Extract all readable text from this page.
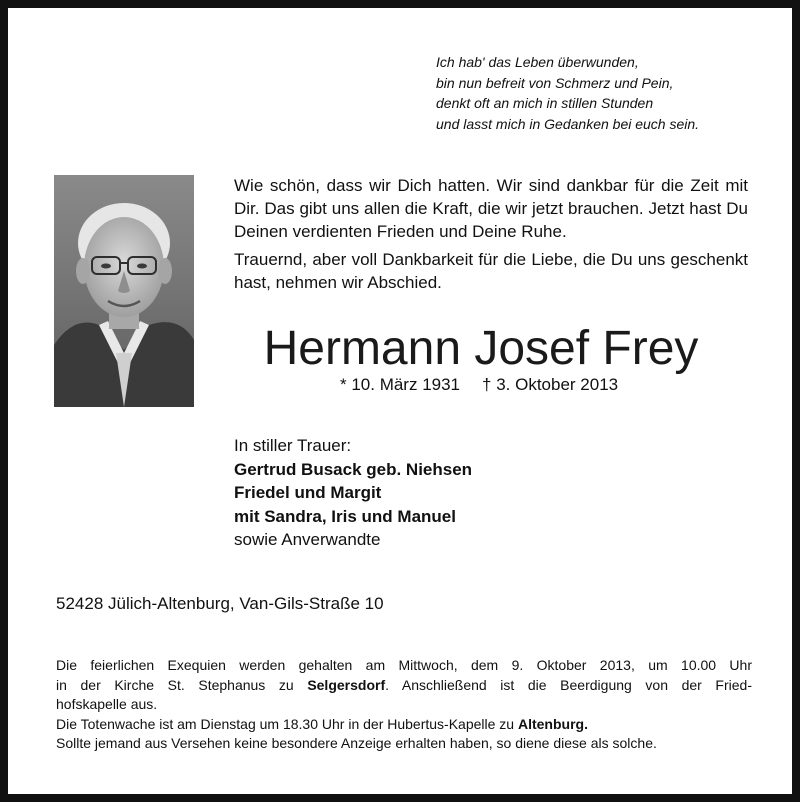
Ich hab' das Leben überwunden,
bin nun befreit von Schmerz und Pein,
denkt oft an mich in stillen Stunden
und lasst mich in Gedanken bei euch sein.

Wie schön, dass wir Dich hatten. Wir sind dankbar für die Zeit mit Dir. Das gibt uns allen die Kraft, die wir jetzt brauchen. Jetzt hast Du Deinen verdienten Frieden und Deine Ruhe.

Trauernd, aber voll Dankbarkeit für die Liebe, die Du uns geschenkt hast, nehmen wir Abschied.

Hermann Josef Frey
* 10. März 1931 † 3. Oktober 2013
In stiller Trauer:
Gertrud Busack geb. Niehsen
Friedel und Margit
mit Sandra, Iris und Manuel
sowie Anverwandte
52428 Jülich-Altenburg, Van-Gils-Straße 10

Die feierlichen Exequien werden gehalten am Mittwoch, dem 9. Oktober 2013, um 10.00 Uhr

in der Kirche St. Stephanus zu Selgersdorf. Anschließend ist die Beerdigung von der Fried-

hofskapelle aus.

Die Totenwache ist am Dienstag um 18.30 Uhr in der Hubertus-Kapelle zu Altenburg.

Sollte jemand aus Versehen keine besondere Anzeige erhalten haben, so diene diese als solche.
